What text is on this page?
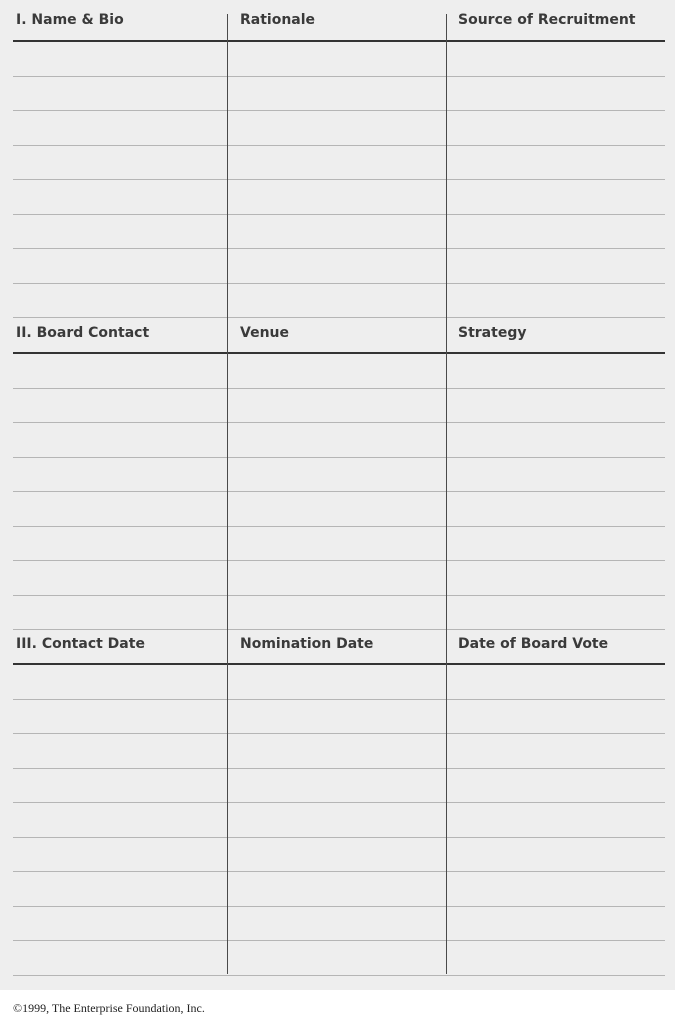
I. Name & Bio	Rationale	Source of Recruitment
II. Board Contact	Venue	Strategy
III. Contact Date	Nomination Date	Date of Board Vote
©1999, The Enterprise Foundation, Inc.
